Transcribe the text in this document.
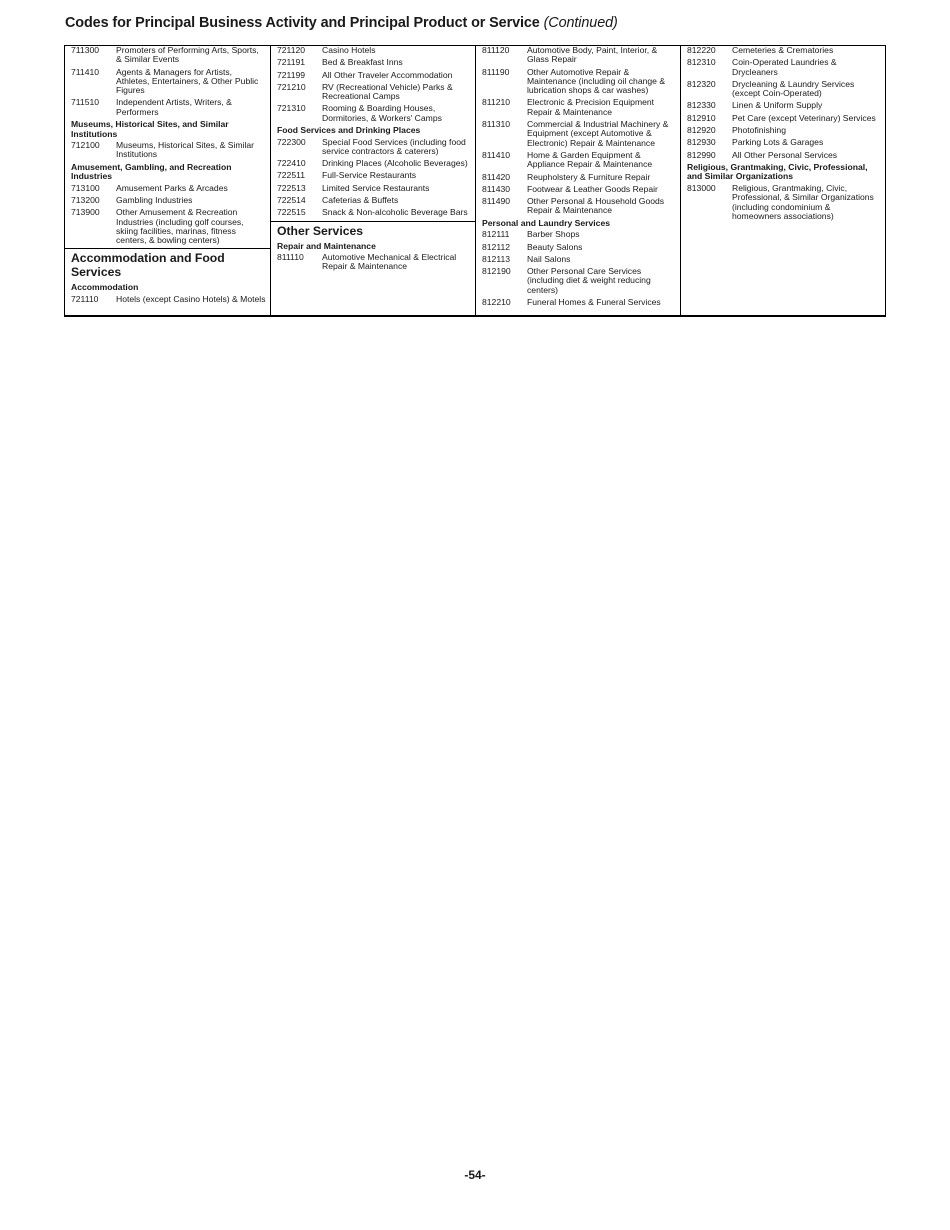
Codes for Principal Business Activity and Principal Product or Service (Continued)
711300	Promoters of Performing Arts, Sports, & Similar Events
711410	Agents & Managers for Artists, Athletes, Entertainers, & Other Public Figures
711510	Independent Artists, Writers, & Performers
Museums, Historical Sites, and Similar Institutions
712100	Museums, Historical Sites, & Similar Institutions
Amusement, Gambling, and Recreation Industries
713100	Amusement Parks & Arcades
713200	Gambling Industries
713900	Other Amusement & Recreation Industries (including golf courses, skiing facilities, marinas, fitness centers, & bowling centers)
Accommodation and Food Services
Accommodation
721110	Hotels (except Casino Hotels) & Motels
721120	Casino Hotels
721191	Bed & Breakfast Inns
721199	All Other Traveler Accommodation
721210	RV (Recreational Vehicle) Parks & Recreational Camps
721310	Rooming & Boarding Houses, Dormitories, & Workers' Camps
Food Services and Drinking Places
722300	Special Food Services (including food service contractors & caterers)
722410	Drinking Places (Alcoholic Beverages)
722511	Full-Service Restaurants
722513	Limited Service Restaurants
722514	Cafeterias & Buffets
722515	Snack & Non-alcoholic Beverage Bars
Other Services
Repair and Maintenance
811110	Automotive Mechanical & Electrical Repair & Maintenance
811120	Automotive Body, Paint, Interior, & Glass Repair
811190	Other Automotive Repair & Maintenance (including oil change & lubrication shops & car washes)
811210	Electronic & Precision Equipment Repair & Maintenance
811310	Commercial & Industrial Machinery & Equipment (except Automotive & Electronic) Repair & Maintenance
811410	Home & Garden Equipment & Appliance Repair & Maintenance
811420	Reupholstery & Furniture Repair
811430	Footwear & Leather Goods Repair
811490	Other Personal & Household Goods Repair & Maintenance
Personal and Laundry Services
812111	Barber Shops
812112	Beauty Salons
812113	Nail Salons
812190	Other Personal Care Services (including diet & weight reducing centers)
812210	Funeral Homes & Funeral Services
812220	Cemeteries & Crematories
812310	Coin-Operated Laundries & Drycleaners
812320	Drycleaning & Laundry Services (except Coin-Operated)
812330	Linen & Uniform Supply
812910	Pet Care (except Veterinary) Services
812920	Photofinishing
812930	Parking Lots & Garages
812990	All Other Personal Services
Religious, Grantmaking, Civic, Professional, and Similar Organizations
813000	Religious, Grantmaking, Civic, Professional, & Similar Organizations (including condominium & homeowners associations)
-54-
